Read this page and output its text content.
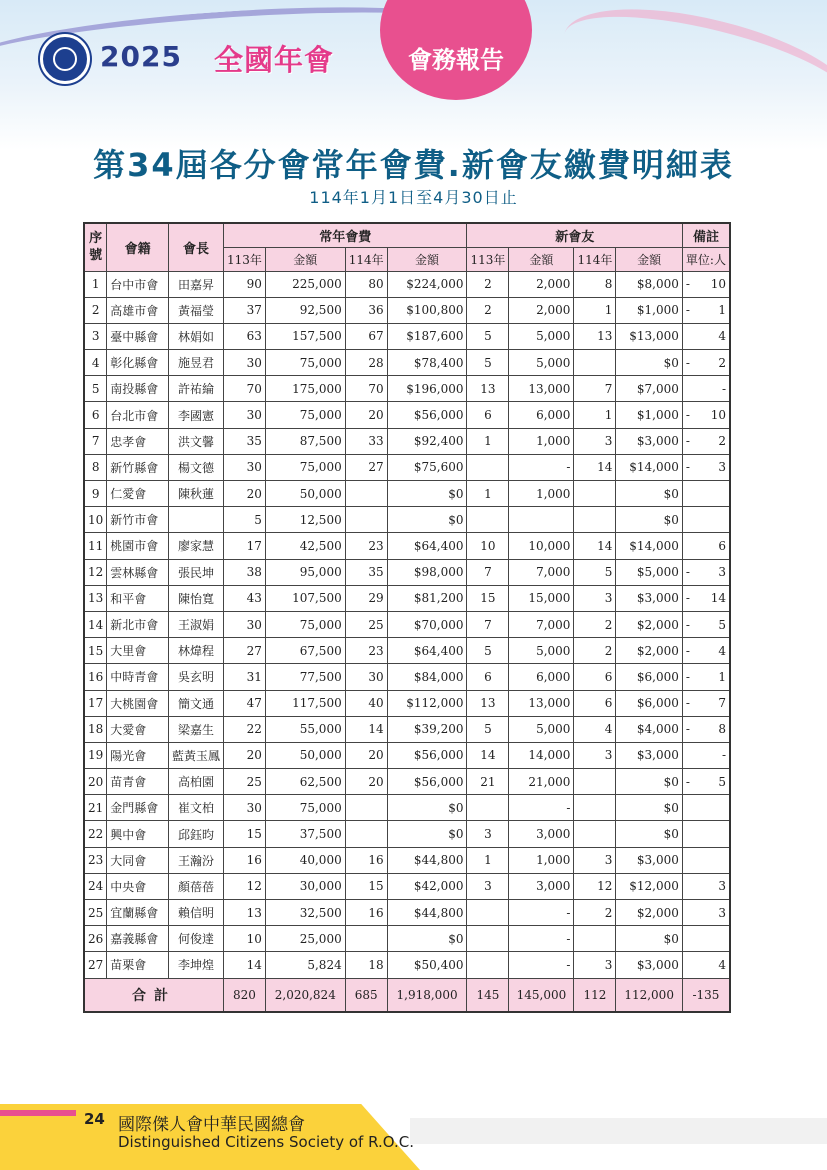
2025 全國年會	會務報告
第34屆各分會常年會費.新會友繳費明細表
114年1月1日至4月30日止
序號	會籍	會長	常年會費				新會友				備註
			113年	金額	114年	金額	113年	金額	114年	金額	單位:人
1	台中市會	田嘉昇	90	225,000	80	$224,000	2	2,000	8	$8,000	- 10

2	高雄市會	黃福瑩	37	92,500	36	$100,800	2	2,000	1	$1,000	- 1

3	臺中縣會	林娟如	63	157,500	67	$187,600	5	5,000	13	$13,000	4

4	彰化縣會	施昱君	30	75,000	28	$78,400	5	5,000		$0	- 2

5	南投縣會	許祐綸	70	175,000	70	$196,000	13	13,000	7	$7,000	-

6	台北市會	李國憲	30	75,000	20	$56,000	6	6,000	1	$1,000	- 10

7	忠孝會	洪文馨	35	87,500	33	$92,400	1	1,000	3	$3,000	- 2

8	新竹縣會	楊文德	30	75,000	27	$75,600		-	14	$14,000	- 3

9	仁愛會	陳秋蓮	20	50,000		$0	1	1,000		$0	

10	新竹市會		5	12,500		$0				$0	

11	桃園市會	廖家慧	17	42,500	23	$64,400	10	10,000	14	$14,000	6

12	雲林縣會	張民坤	38	95,000	35	$98,000	7	7,000	5	$5,000	- 3

13	和平會	陳怡寬	43	107,500	29	$81,200	15	15,000	3	$3,000	- 14

14	新北市會	王淑娟	30	75,000	25	$70,000	7	7,000	2	$2,000	- 5

15	大里會	林煒程	27	67,500	23	$64,400	5	5,000	2	$2,000	- 4

16	中時青會	吳玄明	31	77,500	30	$84,000	6	6,000	6	$6,000	- 1

17	大桃園會	簡文通	47	117,500	40	$112,000	13	13,000	6	$6,000	- 7

18	大愛會	梁嘉生	22	55,000	14	$39,200	5	5,000	4	$4,000	- 8

19	陽光會	藍黃玉鳳	20	50,000	20	$56,000	14	14,000	3	$3,000	-

20	苗青會	高柏園	25	62,500	20	$56,000	21	21,000		$0	- 5

21	金門縣會	崔文柏	30	75,000		$0		-		$0	

22	興中會	邱鈺昀	15	37,500		$0	3	3,000		$0	

23	大同會	王瀚汾	16	40,000	16	$44,800	1	1,000	3	$3,000	

24	中央會	顏蓓蓓	12	30,000	15	$42,000	3	3,000	12	$12,000	3

25	宜蘭縣會	賴信明	13	32,500	16	$44,800		-	2	$2,000	3

26	嘉義縣會	何俊達	10	25,000		$0		-		$0	

27	苗栗會	李坤煌	14	5,824	18	$50,400		-	3	$3,000	4

合計			820	2,020,824	685	1,918,000	145	145,000	112	112,000	-135
24 國際傑人會中華民國總會
Distinguished Citizens Society of R.O.C.
